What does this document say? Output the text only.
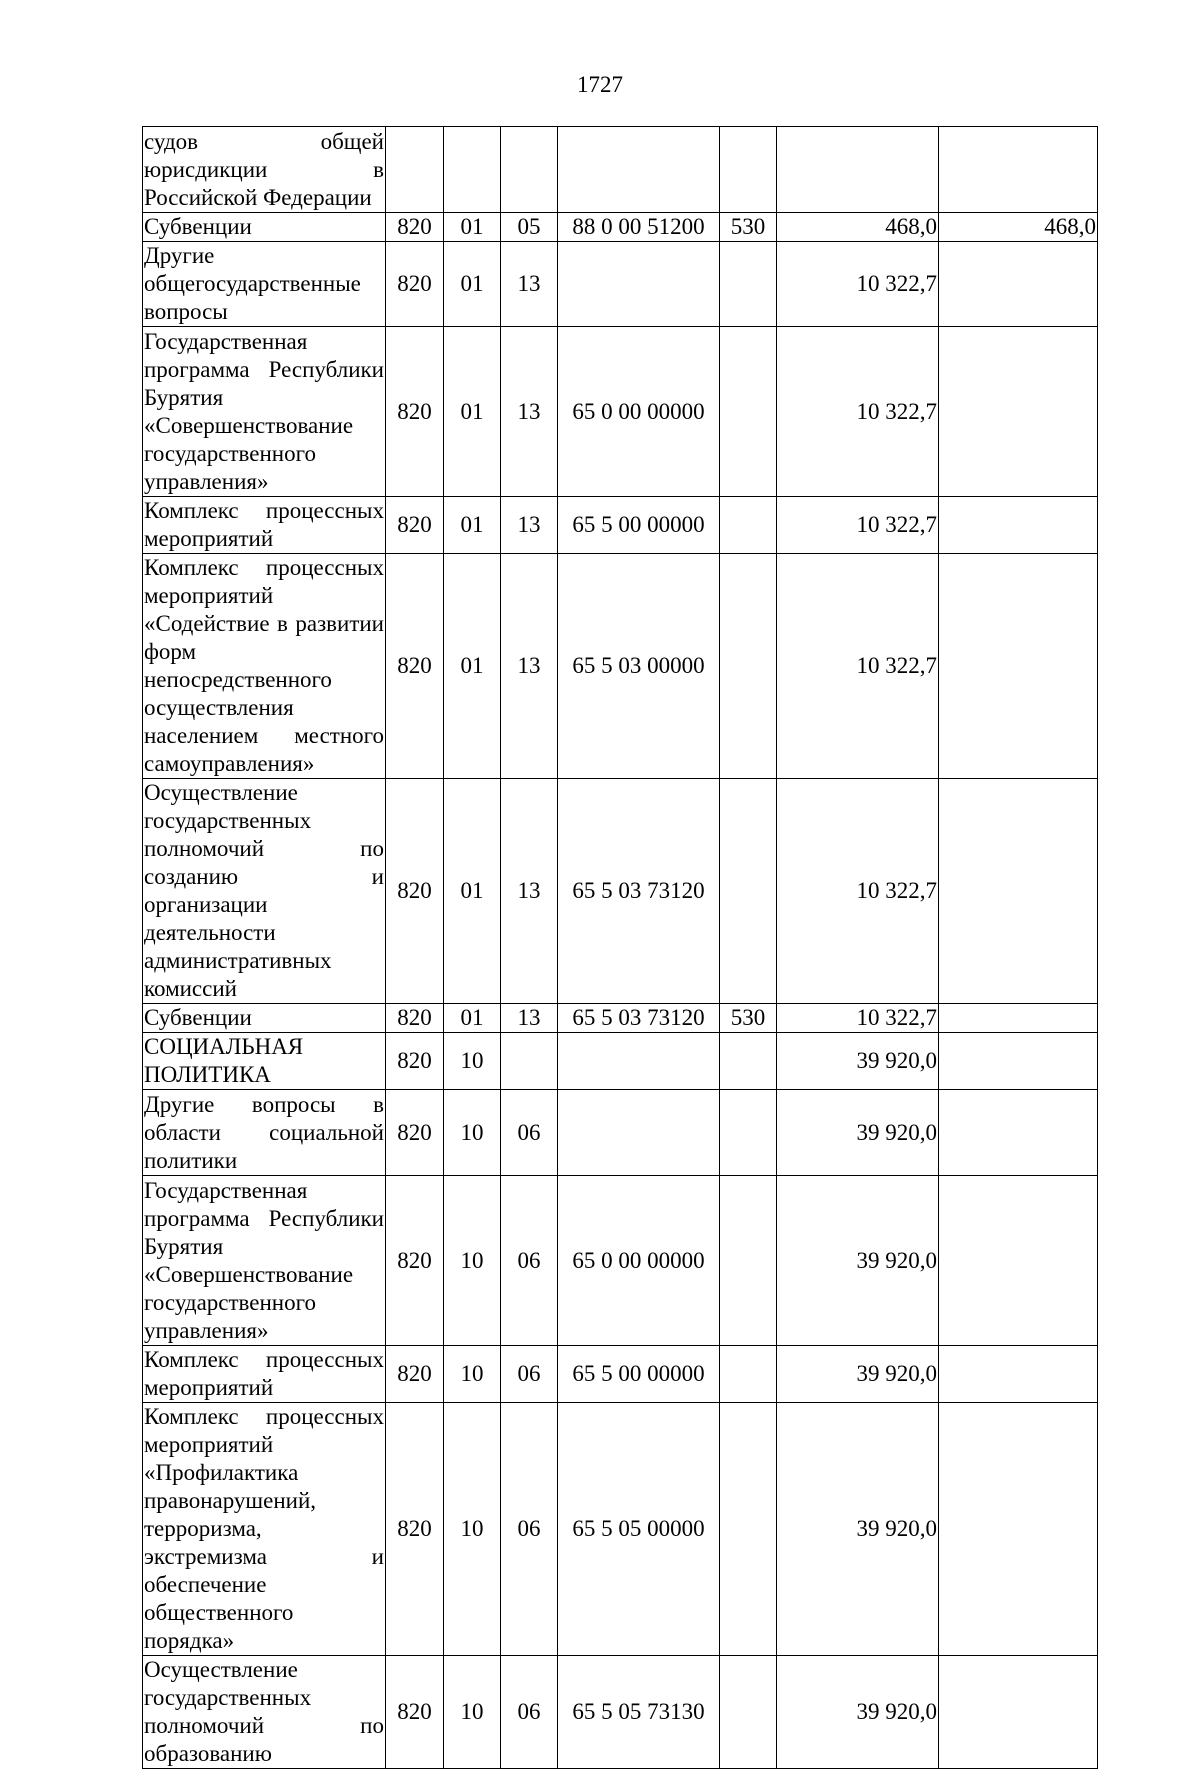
1727
судов общей юрисдикции в Российской Федерации							
Субвенции	820	01	05	88 0 00 51200	530	468,0	468,0
Другие общегосударственные вопросы	820	01	13			10 322,7	
Государственная программа Республики Бурятия «Совершенствование государственного управления»	820	01	13	65 0 00 00000		10 322,7	
Комплекс процессных мероприятий	820	01	13	65 5 00 00000		10 322,7	
Комплекс процессных мероприятий «Содействие в развитии форм непосредственного осуществления населением местного самоуправления»	820	01	13	65 5 03 00000		10 322,7	
Осуществление государственных полномочий по созданию и организации деятельности административных комиссий	820	01	13	65 5 03 73120		10 322,7	
Субвенции	820	01	13	65 5 03 73120	530	10 322,7	
СОЦИАЛЬНАЯ ПОЛИТИКА	820	10				39 920,0	
Другие вопросы в области социальной политики	820	10	06			39 920,0	
Государственная программа Республики Бурятия «Совершенствование государственного управления»	820	10	06	65 0 00 00000		39 920,0	
Комплекс процессных мероприятий	820	10	06	65 5 00 00000		39 920,0	
Комплекс процессных мероприятий «Профилактика правонарушений, терроризма, экстремизма и обеспечение общественного порядка»	820	10	06	65 5 05 00000		39 920,0	
Осуществление государственных полномочий по образованию	820	10	06	65 5 05 73130		39 920,0	
